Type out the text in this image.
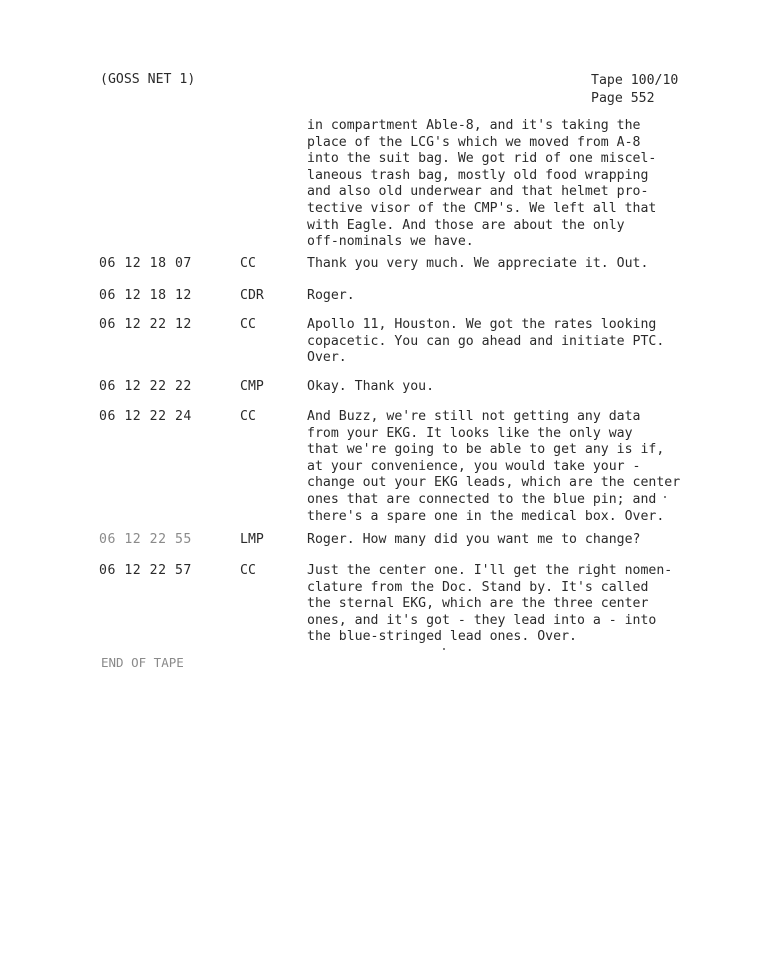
(GOSS NET 1)	Tape 100/10
Page 552
in compartment Able-8, and it's taking the
place of the LCG's which we moved from A-8
into the suit bag. We got rid of one miscel-
laneous trash bag, mostly old food wrapping
and also old underwear and that helmet pro-
tective visor of the CMP's. We left all that
with Eagle. And those are about the only
off-nominals we have.
06 12 18 07	CC	Thank you very much. We appreciate it. Out.
06 12 18 12	CDR	Roger.
06 12 22 12	CC	Apollo 11, Houston. We got the rates looking
copacetic. You can go ahead and initiate PTC.
Over.
06 12 22 22	CMP	Okay. Thank you.
06 12 22 24	CC	And Buzz, we're still not getting any data
from your EKG. It looks like the only way
that we're going to be able to get any is if,
at your convenience, you would take your -
change out your EKG leads, which are the center
ones that are connected to the blue pin; and
there's a spare one in the medical box. Over.
06 12 22 55	LMP	Roger. How many did you want me to change?
06 12 22 57	CC	Just the center one. I'll get the right nomen-
clature from the Doc. Stand by. It's called
the sternal EKG, which are the three center
ones, and it's got - they lead into a - into
the blue-stringed lead ones. Over.
END OF TAPE
